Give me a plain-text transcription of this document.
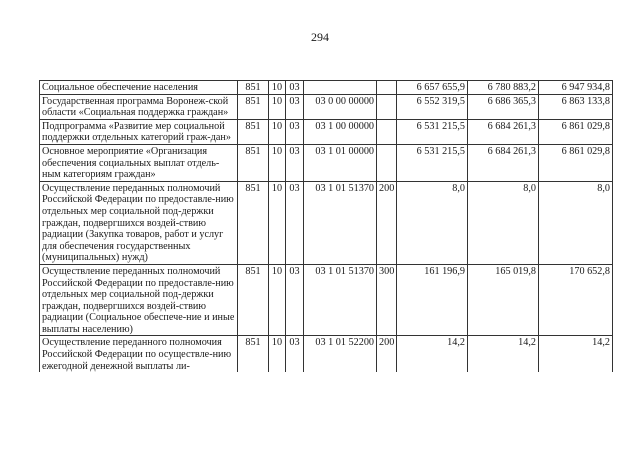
294
Социальное обеспечение населения	851	10	03			6 657 655,9	6 780 883,2	6 947 934,8
Государственная программа Воронеж-ской области «Социальная поддержка граждан»	851	10	03	03 0 00 00000		6 552 319,5	6 686 365,3	6 863 133,8
Подпрограмма «Развитие мер социальной поддержки отдельных категорий граж-дан»	851	10	03	03 1 00 00000		6 531 215,5	6 684 261,3	6 861 029,8
Основное мероприятие «Организация обеспечения социальных выплат отдель-ным категориям граждан»	851	10	03	03 1 01 00000		6 531 215,5	6 684 261,3	6 861 029,8
Осуществление переданных полномочий Российской Федерации по предоставле-нию отдельных мер социальной под-держки граждан, подвергшихся воздей-ствию радиации (Закупка товаров, работ и услуг для обеспечения государственных (муниципальных) нужд)	851	10	03	03 1 01 51370	200	8,0	8,0	8,0
Осуществление переданных полномочий Российской Федерации по предоставле-нию отдельных мер социальной под-держки граждан, подвергшихся воздей-ствию радиации (Социальное обеспече-ние и иные выплаты населению)	851	10	03	03 1 01 51370	300	161 196,9	165 019,8	170 652,8
Осуществление переданного полномочия Российской Федерации по осуществле-нию ежегодной денежной выплаты ли-	851	10	03	03 1 01 52200	200	14,2	14,2	14,2
